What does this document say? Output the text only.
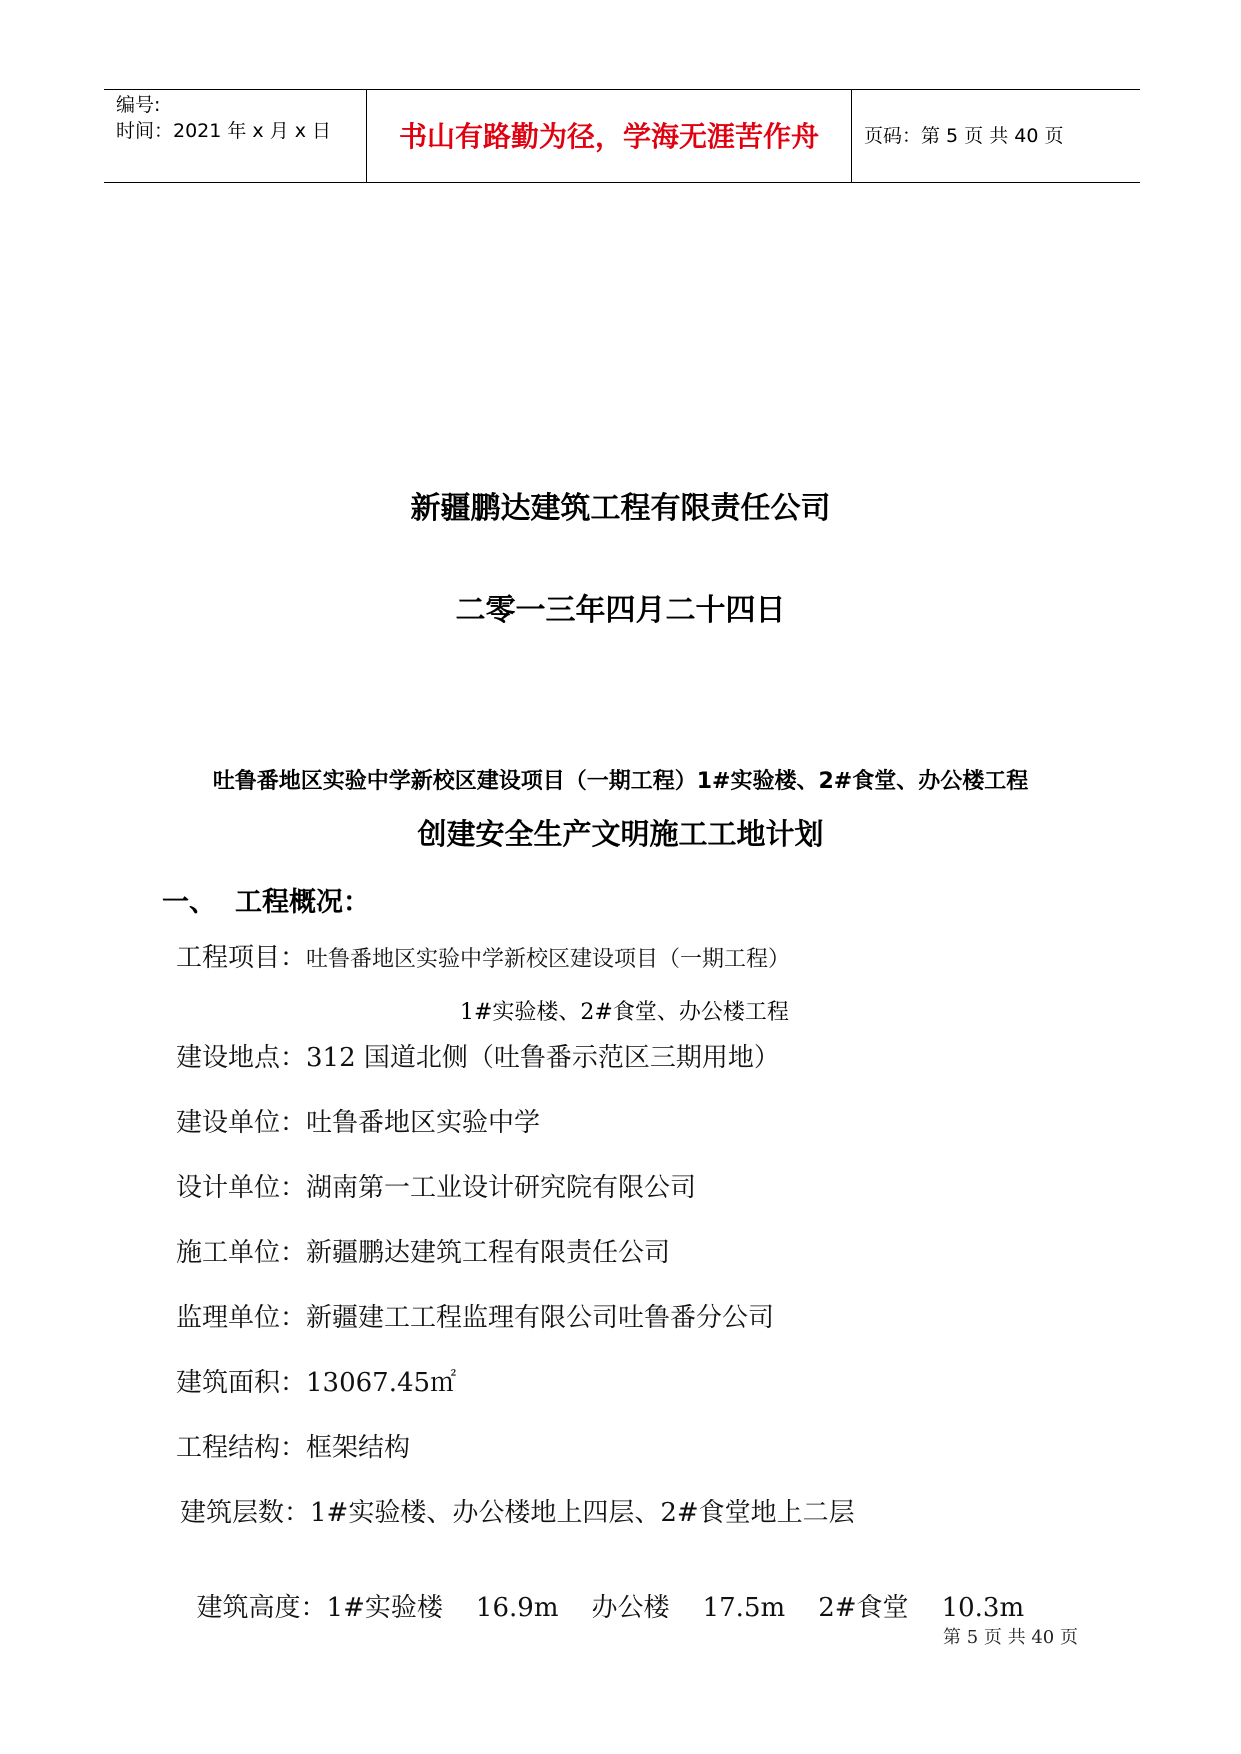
编号:
时间：2021 年 x 月 x 日	书山有路勤为径，学海无涯苦作舟	页码：第 5 页 共 40 页
新疆鹏达建筑工程有限责任公司
二零一三年四月二十四日
吐鲁番地区实验中学新校区建设项目（一期工程）1#实验楼、2#食堂、办公楼工程
创建安全生产文明施工工地计划
一、 工程概况：
工程项目：吐鲁番地区实验中学新校区建设项目（一期工程）
1#实验楼、2#食堂、办公楼工程
建设地点：312 国道北侧（吐鲁番示范区三期用地）
建设单位：吐鲁番地区实验中学
设计单位：湖南第一工业设计研究院有限公司
施工单位：新疆鹏达建筑工程有限责任公司
监理单位：新疆建工工程监理有限公司吐鲁番分公司
建筑面积：13067.45㎡
工程结构：框架结构
建筑层数：1#实验楼、办公楼地上四层、2#食堂地上二层

建筑高度：1#实验楼    16.9m    办公楼    17.5m    2#食堂    10.3m

第 5 页 共 40 页
